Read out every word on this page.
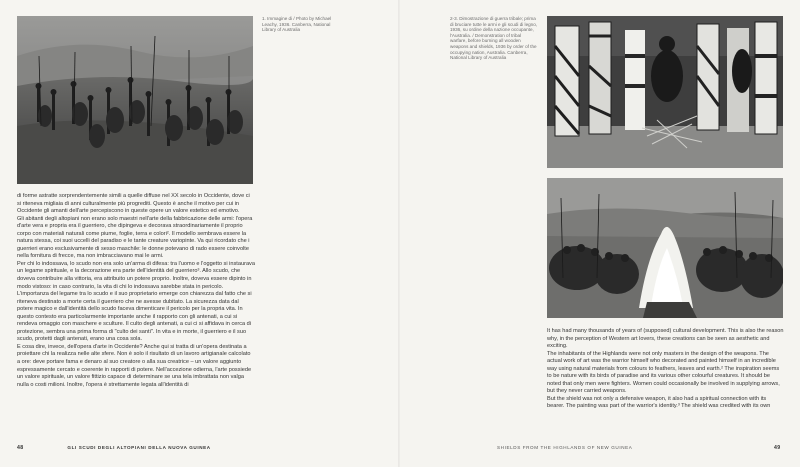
di forme astratte sorprendentemente simili a quelle diffuse nel XX secolo in Occidente, dove ci si riteneva migliaia di anni culturalmente più progrediti. Questo è anche il motivo per cui in Occidente gli amanti dell'arte percepiscono in queste opere un valore estetico ed emotivo.

Gli abitanti degli altopiani non erano solo maestri nell'arte della fabbricazione delle armi: l'opera d'arte vera e propria era il guerriero, che dipingeva e decorava straordinariamente il proprio corpo con materiali naturali come piume, foglie, terra e colori². Il modello sembrava essere la natura stessa, coi suoi uccelli del paradiso e le tante creature variopinte. Va qui ricordato che i guerrieri erano esclusivamente di sesso maschile: le donne potevano di rado essere coinvolte nella fornitura di frecce, ma non imbracciavano mai le armi.

Per chi lo indossava, lo scudo non era solo un'arma di difesa: tra l'uomo e l'oggetto si instaurava un legame spirituale, e la decorazione era parte dell'identità del guerriero³. Allo scudo, che doveva contribuire alla vittoria, era attribuito un potere proprio. Inoltre, doveva essere dipinto in modo vistoso: in caso contrario, la vita di chi lo indossava sarebbe stata in pericolo. L'importanza del legame tra lo scudo e il suo proprietario emerge con chiarezza dal fatto che si riteneva destinato a morte certa il guerriero che ne avesse dubitato. La sicurezza data dal potere magico e dall'identità dello scudo faceva dimenticare il pericolo per la propria vita. In questo contesto era particolarmente importante anche il rapporto con gli antenati, a cui si rendeva omaggio con maschere e sculture. Il culto degli antenati, a cui ci si affidava in cerca di protezione, sembra una prima forma di "culto dei santi". In vita e in morte, il guerriero e il suo scudo, protetti dagli antenati, erano una cosa sola.

E cosa dire, invece, dell'opera d'arte in Occidente? Anche qui si tratta di un'opera destinata a proiettare chi la realizza nelle alte sfere. Non è solo il risultato di un lavoro artigianale calcolato a ore: deve portare fama e denaro al suo creatore o alla sua creatrice – un valore aggiunto espressamente cercato e coerente in rapporti di potere. Nell'accezione odierna, l'arte possiede un valore spirituale, un valore fittizio capace di determinare se una tela imbrattata non valga nulla o costi milioni. Inoltre, l'opera è strettamente legata all'identità di

1. Immagine di / Photo by Michael Leachy, 1936. Canberra, National Library of Australia
48	GLI SCUDI DEGLI ALTOPIANI DELLA NUOVA GUINEA
2-3. Dimostrazione di guerra tribale; prima di bruciare tutte le armi e gli scudi di legno, 1936, su ordine della nazione occupante, l'Australia. / Demonstration of tribal warfare, before burning all wooden weapons and shields, 1936 by order of the occupying nation, Australia. Canberra, National Library of Australia

It has had many thousands of years of (supposed) cultural development. This is also the reason why, in the perception of Western art lovers, these creations can be seen as aesthetic and exciting.

The inhabitants of the Highlands were not only masters in the design of the weapons. The actual work of art was the warrior himself who decorated and painted himself in an incredible way using natural materials from colours to feathers, leaves and earth.² The inspiration seems to be nature with its birds of paradise and its various other colourful creatures. It should be noted that only men were fighters. Women could occasionally be involved in supplying arrows, but they never carried weapons.

But the shield was not only a defensive weapon, it also had a spiritual connection with its bearer. The painting was part of the warrior's identity.³ The shield was credited with its own

SHIELDS FROM THE HIGHLANDS OF NEW GUINEA	49
